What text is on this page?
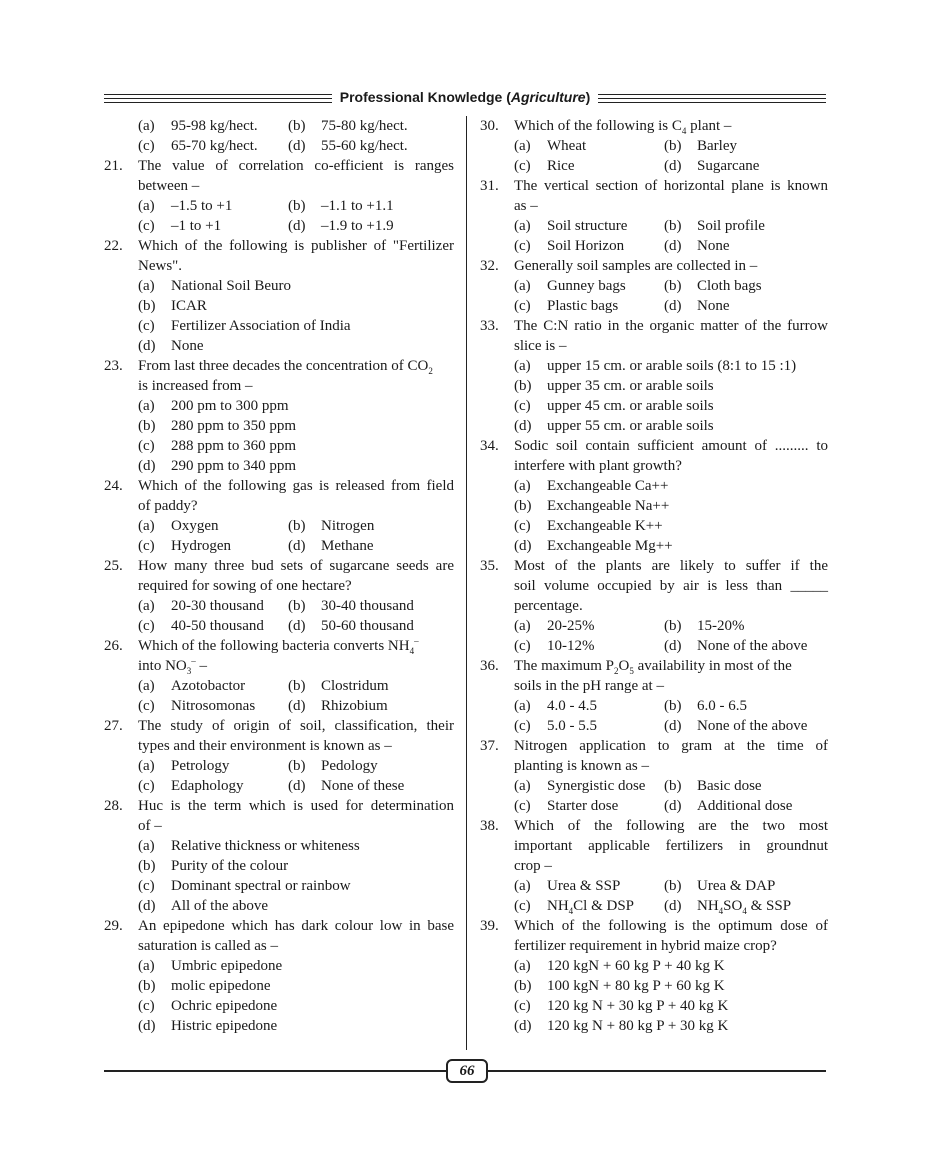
Professional Knowledge (Agriculture)
(a) 95-98 kg/hect. (b) 75-80 kg/hect.
(c) 65-70 kg/hect. (d) 55-60 kg/hect.
21. The value of correlation co-efficient is ranges
between –
(a) –1.5 to +1	(b) –1.1 to +1.1
(c) –1 to +1	(d) –1.9 to +1.9
22. Which of the following is publisher of "Fertilizer
News".
(a) National Soil Beuro
(b) ICAR
(c) Fertilizer Association of India
(d) None
23. From last three decades the concentration of $CO_2$
is increased from –
(a) 200 pm to 300 ppm
(b) 280 ppm to 350 ppm
(c) 288 ppm to 360 ppm
(d) 290 ppm to 340 ppm
24. Which of the following gas is released from field
of paddy?
(a) Oxygen	(b) Nitrogen
(c) Hydrogen	(d) Methane
25. How many three bud sets of sugarcane seeds are
required for sowing of one hectare?
(a) 20-30 thousand (b) 30-40 thousand
(c) 40-50 thousand (d) 50-60 thousand
26. Which of the following bacteria converts $NH_4^-$
into $NO_3^-$ –
(a) Azotobactor	(b) Clostridum
(c) Nitrosomonas (d) Rhizobium
27. The study of origin of soil, classification, their
types and their environment is known as –
(a) Petrology	(b) Pedology
(c) Edaphology	(d) None of these
28. Huc is the term which is used for determination
of –
(a) Relative thickness or whiteness
(b) Purity of the colour
(c) Dominant spectral or rainbow
(d) All of the above
29. An epipedone which has dark colour low in base
saturation is called as –
(a) Umbric epipedone
(b) molic epipedone
(c) Ochric epipedone
(d) Histric epipedone
30. Which of the following is $C_4$ plant –
(a) Wheat	(b) Barley
(c) Rice	(d) Sugarcane
31. The vertical section of horizontal plane is known
as –
(a) Soil structure (b) Soil profile
(c) Soil Horizon	(d) None
32. Generally soil samples are collected in –
(a) Gunney bags	(b) Cloth bags
(c) Plastic bags	(d) None
33. The C:N ratio in the organic matter of the furrow
slice is –
(a) upper 15 cm. or arable soils (8:1 to 15 :1)
(b) upper 35 cm. or arable soils
(c) upper 45 cm. or arable soils
(d) upper 55 cm. or arable soils
34. Sodic soil contain sufficient amount of ......... to
interfere with plant growth?
(a) Exchangeable Ca++
(b) Exchangeable Na++
(c) Exchangeable K++
(d) Exchangeable Mg++
35. Most of the plants are likely to suffer if the
soil volume occupied by air is less than _____
percentage.
(a) 20-25%	(b) 15-20%
(c) 10-12%	(d) None of the above
36. The maximum $P_2O_5$ availability in most of the
soils in the pH range at –
(a) 4.0 - 4.5	(b) 6.0 - 6.5
(c) 5.0 - 5.5	(d) None of the above
37. Nitrogen application to gram at the time of
planting is known as –
(a) Synergistic dose (b) Basic dose
(c) Starter dose	(d) Additional dose
38. Which of the following are the two most
important applicable fertilizers in groundnut
crop –
(a) Urea & SSP	(b) Urea & DAP
(c) $NH_4Cl$ & DSP (d) $NH_4SO_4$ & SSP
39. Which of the following is the optimum dose of
fertilizer requirement in hybrid maize crop?
(a) 120 kgN + 60 kg P + 40 kg K
(b) 100 kgN + 80 kg P + 60 kg K
(c) 120 kg N + 30 kg P + 40 kg K
(d) 120 kg N + 80 kg P + 30 kg K
66
